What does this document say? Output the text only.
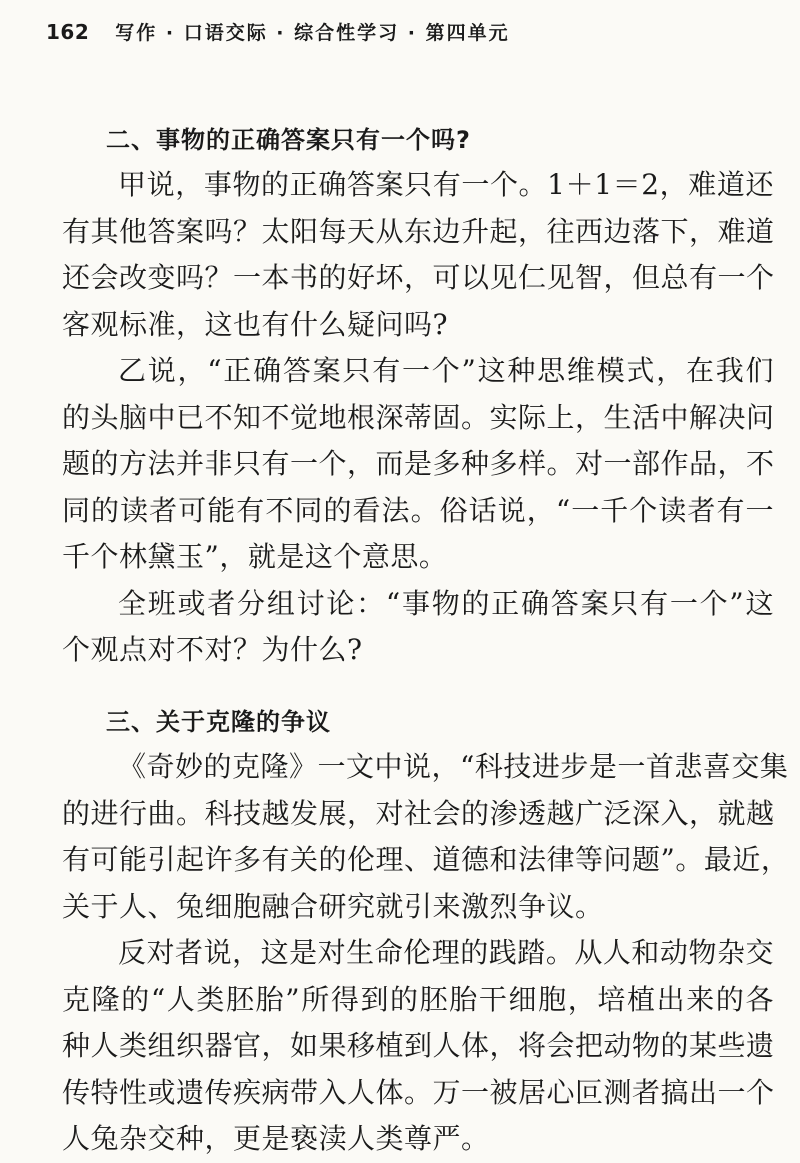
162 写作 · 口语交际 · 综合性学习 · 第四单元
二、事物的正确答案只有一个吗?
甲说，事物的正确答案只有一个。1＋1＝2，难道还
有其他答案吗？太阳每天从东边升起，往西边落下，难道
还会改变吗？一本书的好坏，可以见仁见智，但总有一个
客观标准，这也有什么疑问吗?
乙说，“正确答案只有一个”这种思维模式，在我们
的头脑中已不知不觉地根深蒂固。实际上，生活中解决问
题的方法并非只有一个，而是多种多样。对一部作品，不
同的读者可能有不同的看法。俗话说，“一千个读者有一
千个林黛玉”，就是这个意思。
全班或者分组讨论：“事物的正确答案只有一个”这
个观点对不对？为什么?
三、关于克隆的争议
《奇妙的克隆》一文中说，“科技进步是一首悲喜交集
的进行曲。科技越发展，对社会的渗透越广泛深入，就越
有可能引起许多有关的伦理、道德和法律等问题”。最近，
关于人、兔细胞融合研究就引来激烈争议。
反对者说，这是对生命伦理的践踏。从人和动物杂交
克隆的“人类胚胎”所得到的胚胎干细胞，培植出来的各
种人类组织器官，如果移植到人体，将会把动物的某些遗
传特性或遗传疾病带入人体。万一被居心叵测者搞出一个
人兔杂交种，更是亵渎人类尊严。
